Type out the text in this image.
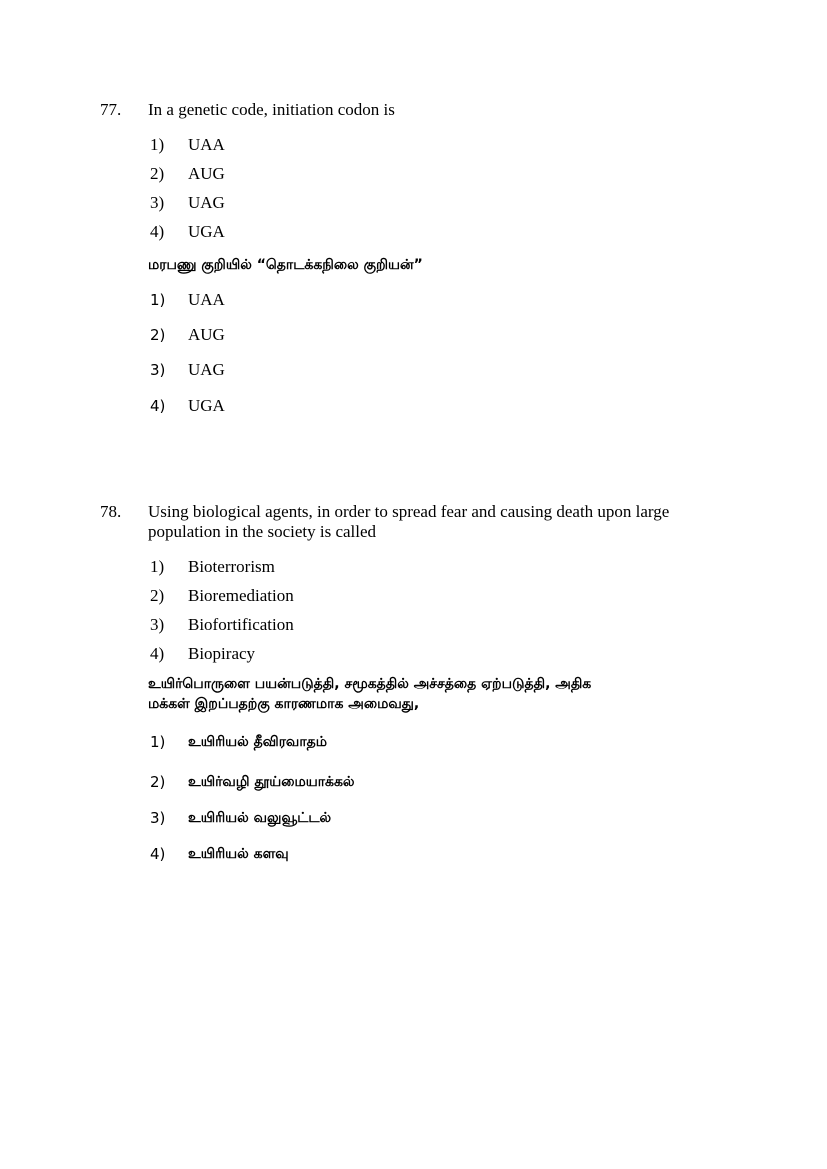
77. In a genetic code, initiation codon is
1) UAA
2) AUG
3) UAG
4) UGA
மரபணு குறியில் “தொடக்கநிலை குறியன்”
1) UAA
2) AUG
3) UAG
4) UGA
78. Using biological agents, in order to spread fear and causing death upon large
population in the society is called
1) Bioterrorism
2) Bioremediation
3) Biofortification
4) Biopiracy
உயிர்பொருளை பயன்படுத்தி, சமூகத்தில் அச்சத்தை ஏற்படுத்தி, அதிக
மக்கள் இறப்பதற்கு காரணமாக அமைவது,
1) உயிரியல் தீவிரவாதம்
2) உயிர்வழி தூய்மையாக்கல்
3) உயிரியல் வலுவூட்டல்
4) உயிரியல் களவு
